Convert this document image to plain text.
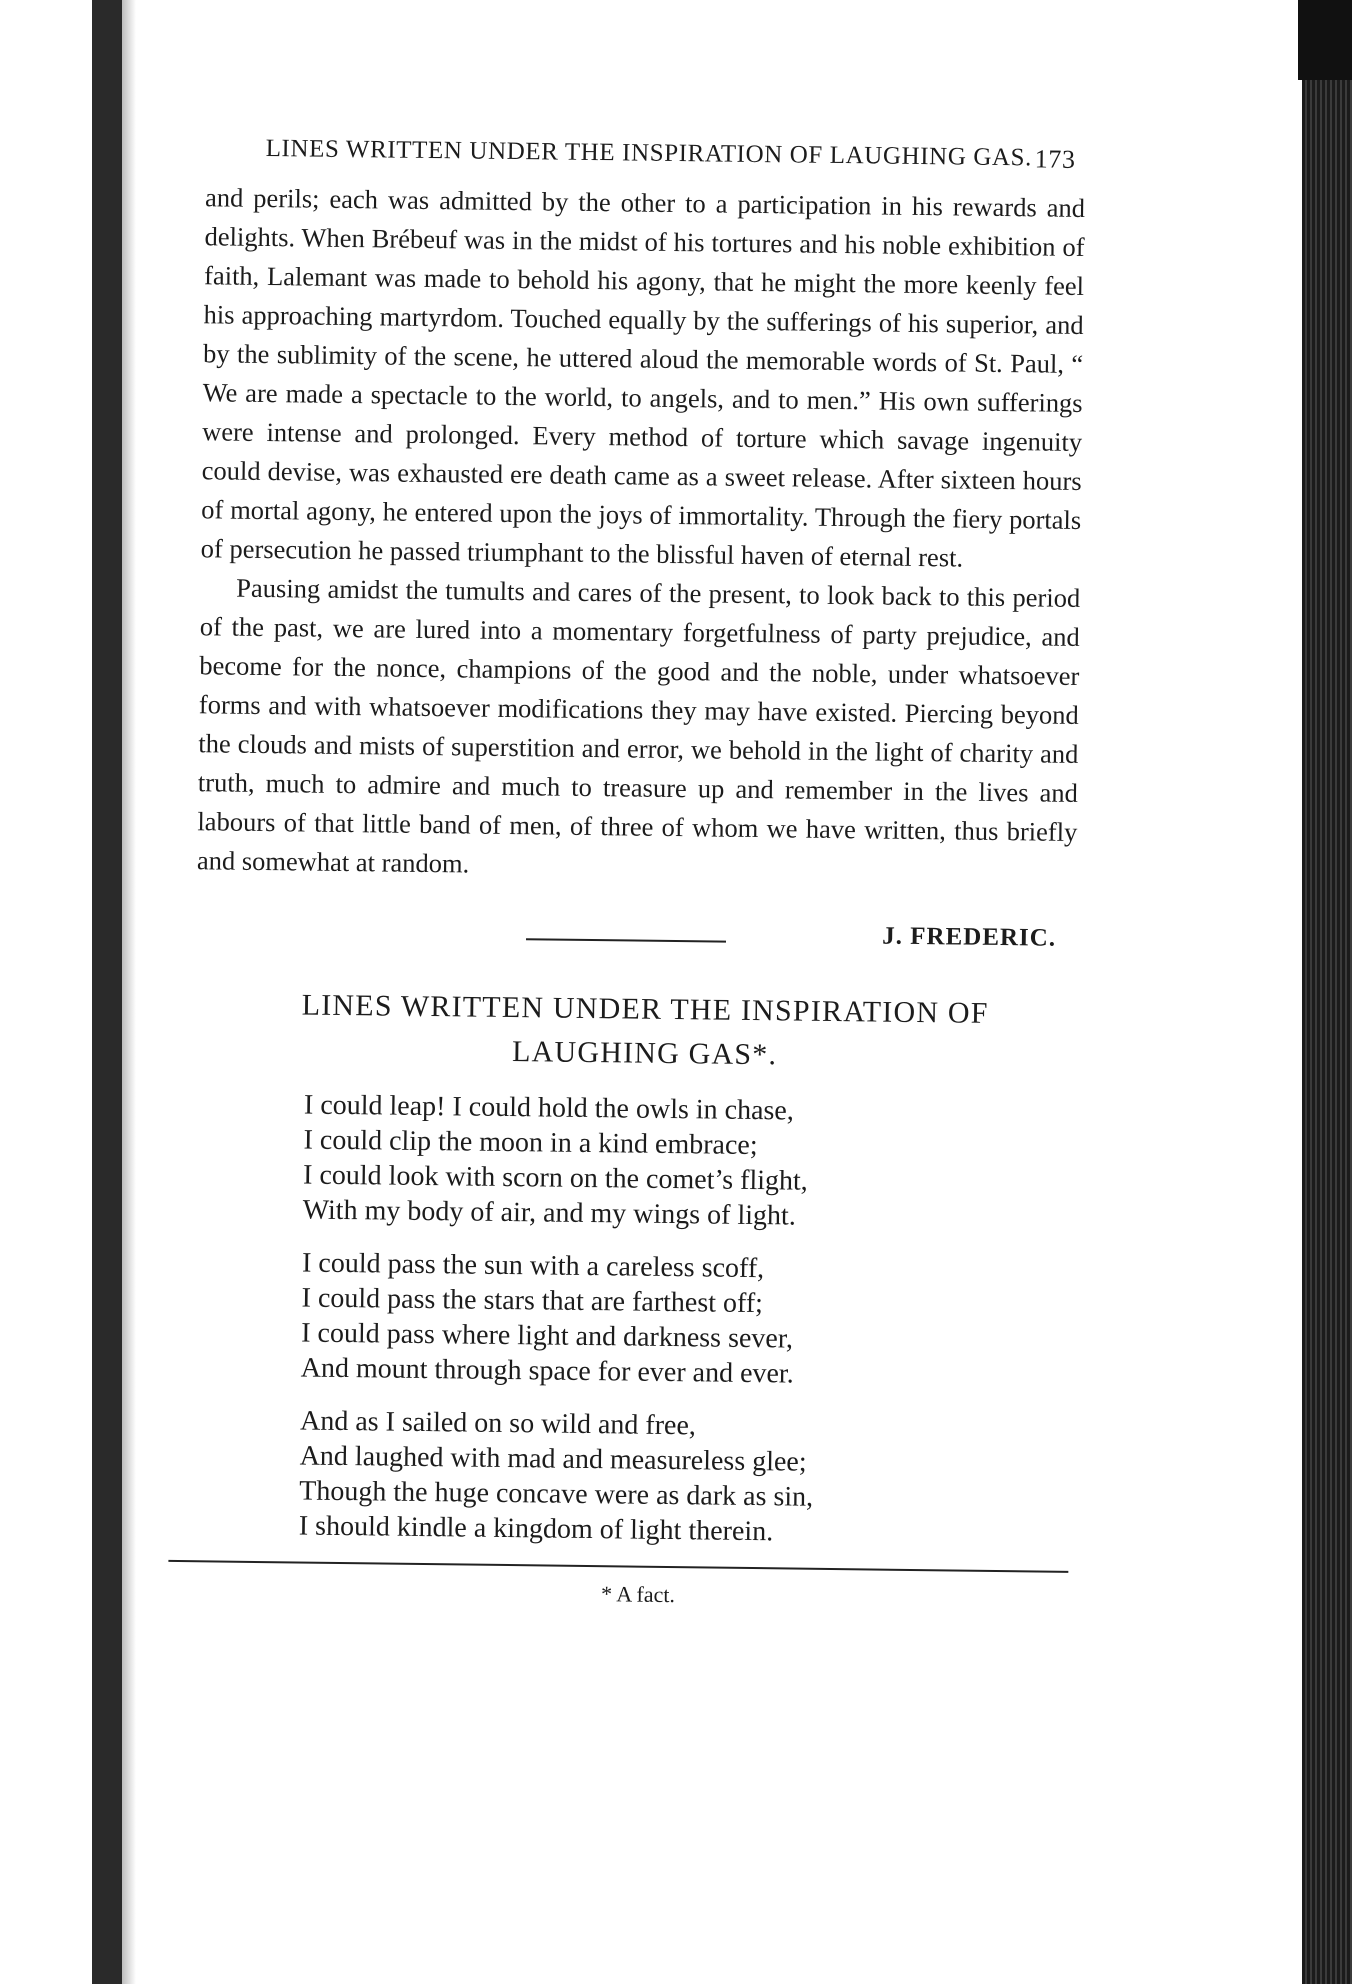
LINES WRITTEN UNDER THE INSPIRATION OF LAUGHING GAS. 173

and perils; each was admitted by the other to a participation in his rewards and delights. When Brébeuf was in the midst of his tortures and his noble exhibition of faith, Lalemant was made to behold his agony, that he might the more keenly feel his approaching martyrdom. Touched equally by the sufferings of his superior, and by the sublimity of the scene, he uttered aloud the memorable words of St. Paul, “ We are made a spectacle to the world, to angels, and to men.” His own sufferings were intense and prolonged. Every method of torture which savage ingenuity could devise, was exhausted ere death came as a sweet release. After sixteen hours of mortal agony, he entered upon the joys of immortality. Through the fiery portals of persecution he passed triumphant to the blissful haven of eternal rest.

Pausing amidst the tumults and cares of the present, to look back to this period of the past, we are lured into a momentary forgetfulness of party prejudice, and become for the nonce, champions of the good and the noble, under whatsoever forms and with whatsoever modifications they may have existed. Piercing beyond the clouds and mists of superstition and error, we behold in the light of charity and truth, much to admire and much to treasure up and remember in the lives and labours of that little band of men, of three of whom we have written, thus briefly and somewhat at random.

J. FREDERIC.
LINES WRITTEN UNDER THE INSPIRATION OF
LAUGHING GAS*.
I could leap! I could hold the owls in chase,
I could clip the moon in a kind embrace;
I could look with scorn on the comet’s flight,
With my body of air, and my wings of light.
I could pass the sun with a careless scoff,
I could pass the stars that are farthest off;
I could pass where light and darkness sever,
And mount through space for ever and ever.
And as I sailed on so wild and free,
And laughed with mad and measureless glee;
Though the huge concave were as dark as sin,
I should kindle a kingdom of light therein.
* A fact.
